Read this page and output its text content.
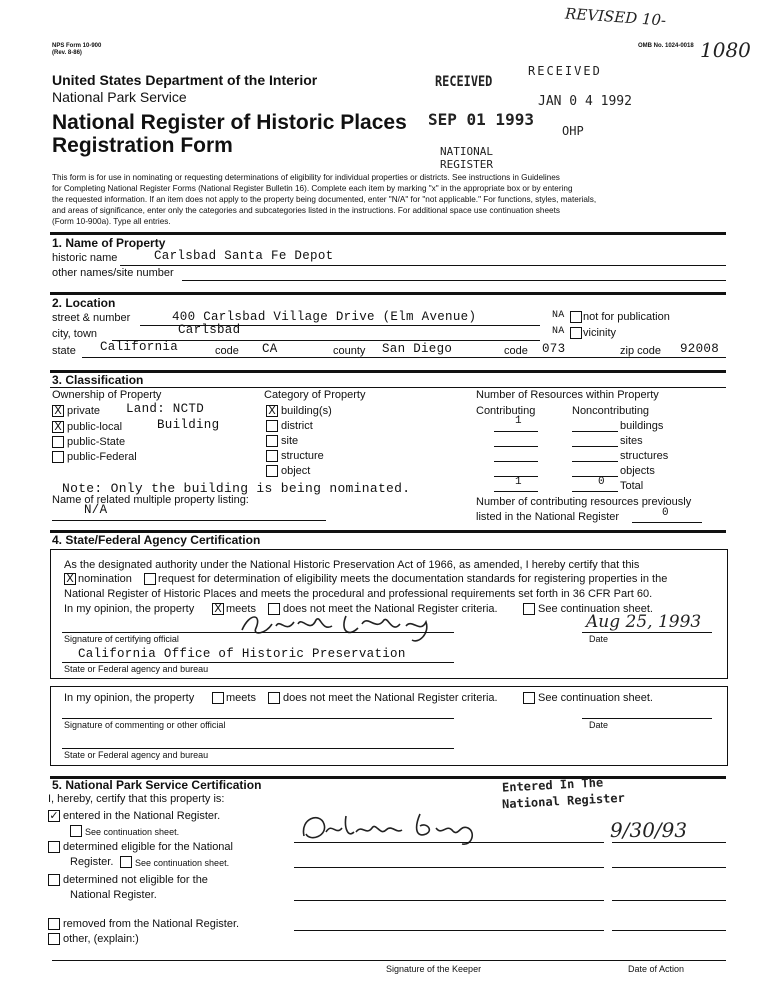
NPS Form 10-900
(Rev. 8-86)
OMB No. 1024-0018 1080
REVISED 10-
United States Department of the Interior
National Park Service
National Register of Historic Places
Registration Form
RECEIVED
SEP 01 1993
NATIONAL
REGISTER
RECEIVED
JAN 0 4 1992
OHP
This form is for use in nominating or requesting determinations of eligibility for individual properties or districts. See instructions in Guidelines
for Completing National Register Forms (National Register Bulletin 16). Complete each item by marking "x" in the appropriate box or by entering
the requested information. If an item does not apply to the property being documented, enter "N/A" for "not applicable." For functions, styles, materials,
and areas of significance, enter only the categories and subcategories listed in the instructions. For additional space use continuation sheets
(Form 10-900a). Type all entries.
1. Name of Property
historic name	Carlsbad Santa Fe Depot
other names/site number
2. Location
street & number	400 Carlsbad Village Drive (Elm Avenue)	NA not for publication
city, town	Carlsbad	NA vicinity
state California	code CA	county San Diego	code 073	zip code 92008
3. Classification
Ownership of Property
X private
X public-local
public-State
public-Federal
Land: NCTD
Building
Category of Property
X building(s)
district
site
structure
object
Number of Resources within Property
Contributing	Noncontributing
1	buildings
sites
structures
objects
1	0 Total
Note: Only the building is being nominated.
Name of related multiple property listing:
N/A
Number of contributing resources previously
listed in the National Register	0
4. State/Federal Agency Certification
As the designated authority under the National Historic Preservation Act of 1966, as amended, I hereby certify that this
X nomination request for determination of eligibility meets the documentation standards for registering properties in the
National Register of Historic Places and meets the procedural and professional requirements set forth in 36 CFR Part 60.
In my opinion, the property X meets does not meet the National Register criteria.	See continuation sheet.
Aug 25, 1993
Signature of certifying official	Date
California Office of Historic Preservation
State or Federal agency and bureau
In my opinion, the property	meets does not meet the National Register criteria.	See continuation sheet.
Signature of commenting or other official	Date
State or Federal agency and bureau
5. National Park Service Certification
I, hereby, certify that this property is:
✓ entered in the National Register.
See continuation sheet.
determined eligible for the National
Register. See continuation sheet.
determined not eligible for the
National Register.
removed from the National Register.
other, (explain:)
Entered In The
National Register
9/30/93
Signature of the Keeper	Date of Action
